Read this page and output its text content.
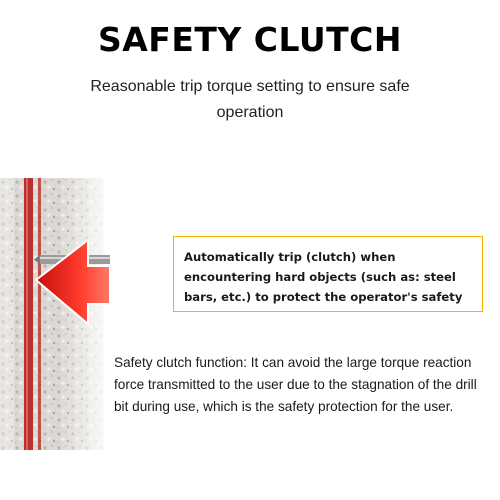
SAFETY CLUTCH
Reasonable trip torque setting to ensure safe operation
Automatically trip (clutch) when encountering hard objects (such as: steel bars, etc.) to protect the operator's safety
Safety clutch function: It can avoid the large torque reaction force transmitted to the user due to the stagnation of the drill bit during use, which is the safety protection for the user.
